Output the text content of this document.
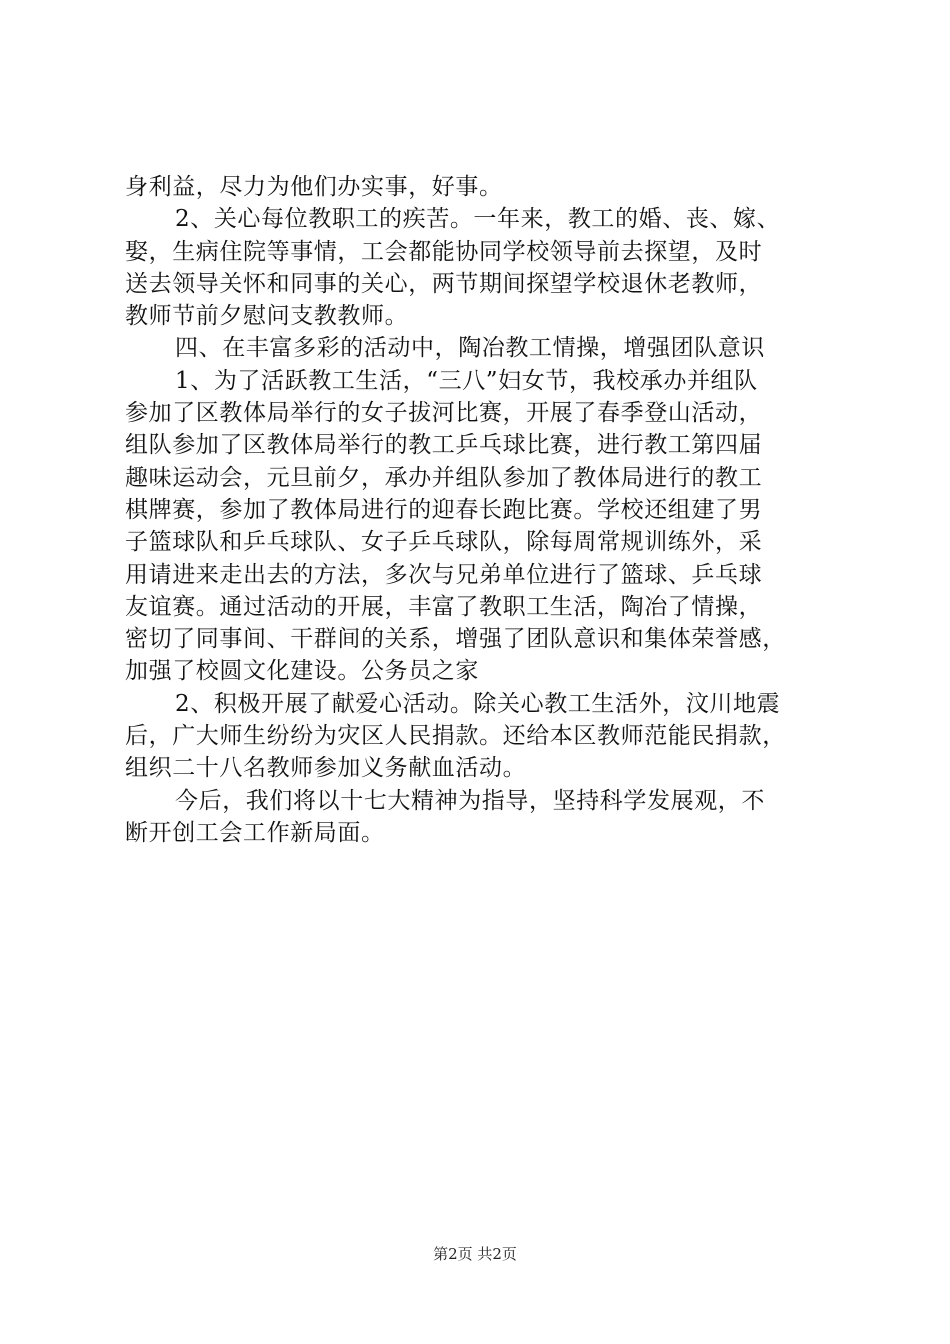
身利益，尽力为他们办实事，好事。
2、关心每位教职工的疾苦。一年来，教工的婚、丧、嫁、
娶，生病住院等事情，工会都能协同学校领导前去探望，及时
送去领导关怀和同事的关心，两节期间探望学校退休老教师，
教师节前夕慰问支教教师。
四、在丰富多彩的活动中，陶冶教工情操，增强团队意识
1、为了活跃教工生活，“三八”妇女节，我校承办并组队
参加了区教体局举行的女子拔河比赛，开展了春季登山活动，
组队参加了区教体局举行的教工乒乓球比赛，进行教工第四届
趣味运动会，元旦前夕，承办并组队参加了教体局进行的教工
棋牌赛，参加了教体局进行的迎春长跑比赛。学校还组建了男
子篮球队和乒乓球队、女子乒乓球队，除每周常规训练外，采
用请进来走出去的方法，多次与兄弟单位进行了篮球、乒乓球
友谊赛。通过活动的开展，丰富了教职工生活，陶冶了情操，
密切了同事间、干群间的关系，增强了团队意识和集体荣誉感，
加强了校圆文化建设。公务员之家
2、积极开展了献爱心活动。除关心教工生活外，汶川地震
后，广大师生纷纷为灾区人民捐款。还给本区教师范能民捐款，
组织二十八名教师参加义务献血活动。
今后，我们将以十七大精神为指导，坚持科学发展观，不
断开创工会工作新局面。
第2页 共2页
